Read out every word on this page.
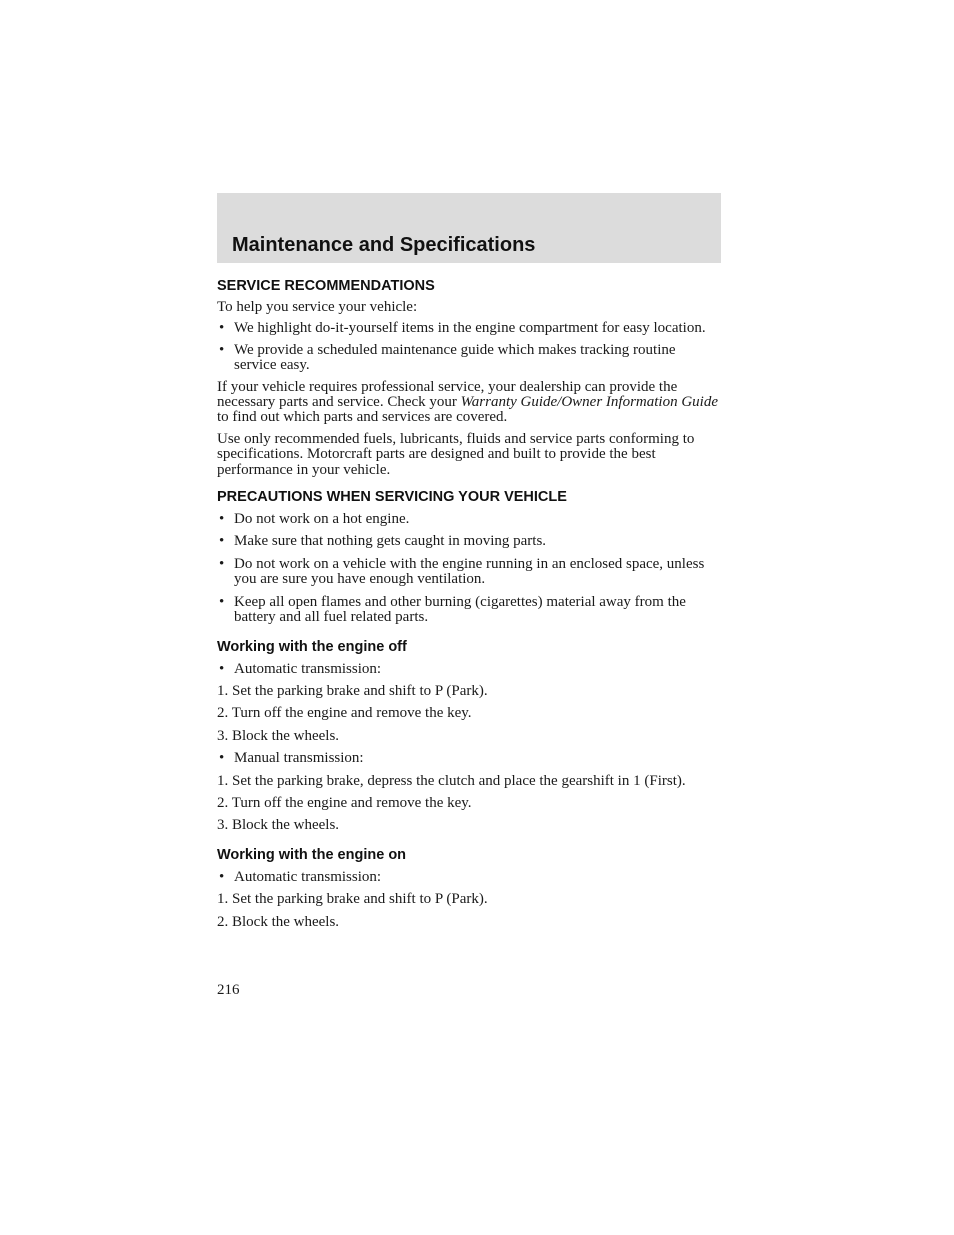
Maintenance and Specifications
SERVICE RECOMMENDATIONS

To help you service your vehicle:

• We highlight do-it-yourself items in the engine compartment for easy location.
• We provide a scheduled maintenance guide which makes tracking routine service easy.

If your vehicle requires professional service, your dealership can provide the necessary parts and service. Check your Warranty Guide/Owner Information Guide to find out which parts and services are covered.

Use only recommended fuels, lubricants, fluids and service parts conforming to specifications. Motorcraft parts are designed and built to provide the best performance in your vehicle.

PRECAUTIONS WHEN SERVICING YOUR VEHICLE
• Do not work on a hot engine.
• Make sure that nothing gets caught in moving parts.
• Do not work on a vehicle with the engine running in an enclosed space, unless you are sure you have enough ventilation.
• Keep all open flames and other burning (cigarettes) material away from the battery and all fuel related parts.
Working with the engine off
• Automatic transmission:

1. Set the parking brake and shift to P (Park).

2. Turn off the engine and remove the key.

3. Block the wheels.

• Manual transmission:

1. Set the parking brake, depress the clutch and place the gearshift in 1 (First).

2. Turn off the engine and remove the key.

3. Block the wheels.

Working with the engine on
• Automatic transmission:

1. Set the parking brake and shift to P (Park).

2. Block the wheels.

216
